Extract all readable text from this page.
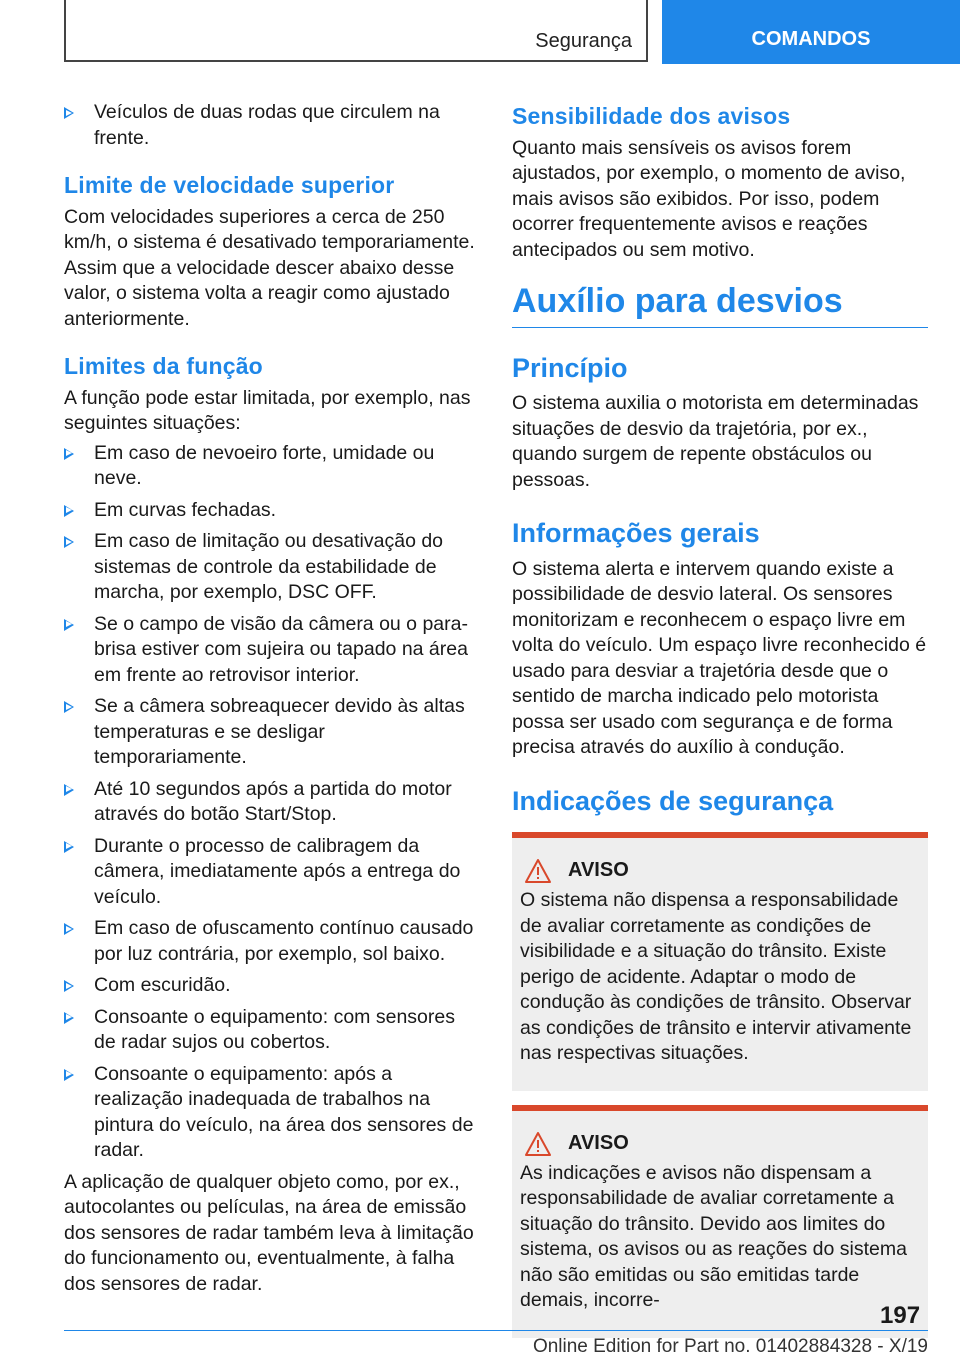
Segurança	COMANDOS
Veículos de duas rodas que circulem na frente.
Limite de velocidade superior

Com velocidades superiores a cerca de 250 km/h, o sistema é desativado temporariamente. Assim que a velocidade descer abaixo desse valor, o sistema volta a reagir como ajustado anteriormente.

Limites da função

A função pode estar limitada, por exemplo, nas seguintes situações:

Em caso de nevoeiro forte, umidade ou neve.
Em curvas fechadas.
Em caso de limitação ou desativação do sistemas de controle da estabilidade de marcha, por exemplo, DSC OFF.
Se o campo de visão da câmera ou o para-brisa estiver com sujeira ou tapado na área em frente ao retrovisor interior.
Se a câmera sobreaquecer devido às altas temperaturas e se desligar temporariamente.
Até 10 segundos após a partida do motor através do botão Start/Stop.
Durante o processo de calibragem da câmera, imediatamente após a entrega do veículo.
Em caso de ofuscamento contínuo causado por luz contrária, por exemplo, sol baixo.
Com escuridão.
Consoante o equipamento: com sensores de radar sujos ou cobertos.
Consoante o equipamento: após a realização inadequada de trabalhos na pintura do veículo, na área dos sensores de radar.

A aplicação de qualquer objeto como, por ex., autocolantes ou películas, na área de emissão dos sensores de radar também leva à limitação do funcionamento ou, eventualmente, à falha dos sensores de radar.

Sensibilidade dos avisos

Quanto mais sensíveis os avisos forem ajustados, por exemplo, o momento de aviso, mais avisos são exibidos. Por isso, podem ocorrer frequentemente avisos e reações antecipados ou sem motivo.

Auxílio para desvios
Princípio

O sistema auxilia o motorista em determinadas situações de desvio da trajetória, por ex., quando surgem de repente obstáculos ou pessoas.

Informações gerais

O sistema alerta e intervem quando existe a possibilidade de desvio lateral. Os sensores monitorizam e reconhecem o espaço livre em volta do veículo. Um espaço livre reconhecido é usado para desviar a trajetória desde que o sentido de marcha indicado pelo motorista possa ser usado com segurança e de forma precisa através do auxílio à condução.

Indicações de segurança
AVISO

O sistema não dispensa a responsabilidade de avaliar corretamente as condições de visibilidade e a situação do trânsito. Existe perigo de acidente. Adaptar o modo de condução às condições de trânsito. Observar as condições de trânsito e intervir ativamente nas respectivas situações.

AVISO

As indicações e avisos não dispensam a responsabilidade de avaliar corretamente a situação do trânsito. Devido aos limites do sistema, os avisos ou as reações do sistema não são emitidas ou são emitidas tarde demais, incorre-

197
Online Edition for Part no. 01402884328 - X/19
